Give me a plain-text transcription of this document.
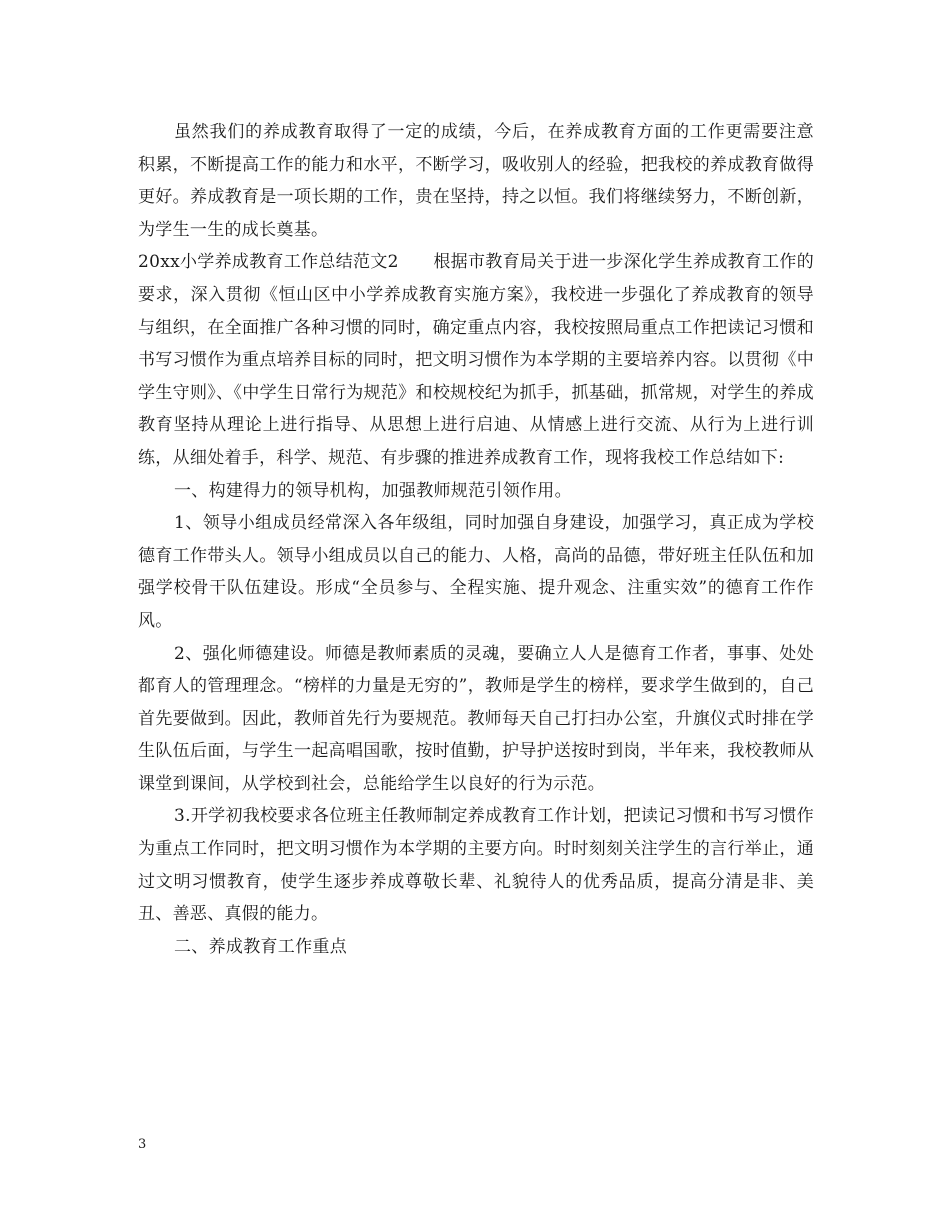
虽然我们的养成教育取得了一定的成绩，今后，在养成教育方面的工作更需要注意积累，不断提高工作的能力和水平，不断学习，吸收别人的经验，把我校的养成教育做得更好。养成教育是一项长期的工作，贵在坚持，持之以恒。我们将继续努力，不断创新，为学生一生的成长奠基。

20xx小学养成教育工作总结范文2　　根据市教育局关于进一步深化学生养成教育工作的要求，深入贯彻《恒山区中小学养成教育实施方案》，我校进一步强化了养成教育的领导与组织，在全面推广各种习惯的同时，确定重点内容，我校按照局重点工作把读记习惯和书写习惯作为重点培养目标的同时，把文明习惯作为本学期的主要培养内容。以贯彻《中学生守则》、《中学生日常行为规范》和校规校纪为抓手，抓基础，抓常规，对学生的养成教育坚持从理论上进行指导、从思想上进行启迪、从情感上进行交流、从行为上进行训练，从细处着手，科学、规范、有步骤的推进养成教育工作，现将我校工作总结如下:

一、构建得力的领导机构，加强教师规范引领作用。

1、领导小组成员经常深入各年级组，同时加强自身建设，加强学习，真正成为学校德育工作带头人。领导小组成员以自己的能力、人格，高尚的品德，带好班主任队伍和加强学校骨干队伍建设。形成“全员参与、全程实施、提升观念、注重实效”的德育工作作风。

2、强化师德建设。师德是教师素质的灵魂，要确立人人是德育工作者，事事、处处都育人的管理理念。“榜样的力量是无穷的”，教师是学生的榜样，要求学生做到的，自己首先要做到。因此，教师首先行为要规范。教师每天自己打扫办公室，升旗仪式时排在学生队伍后面，与学生一起高唱国歌，按时值勤，护导护送按时到岗，半年来，我校教师从课堂到课间，从学校到社会，总能给学生以良好的行为示范。

3.开学初我校要求各位班主任教师制定养成教育工作计划，把读记习惯和书写习惯作为重点工作同时，把文明习惯作为本学期的主要方向。时时刻刻关注学生的言行举止，通过文明习惯教育，使学生逐步养成尊敬长辈、礼貌待人的优秀品质，提高分清是非、美丑、善恶、真假的能力。

二、养成教育工作重点

3
